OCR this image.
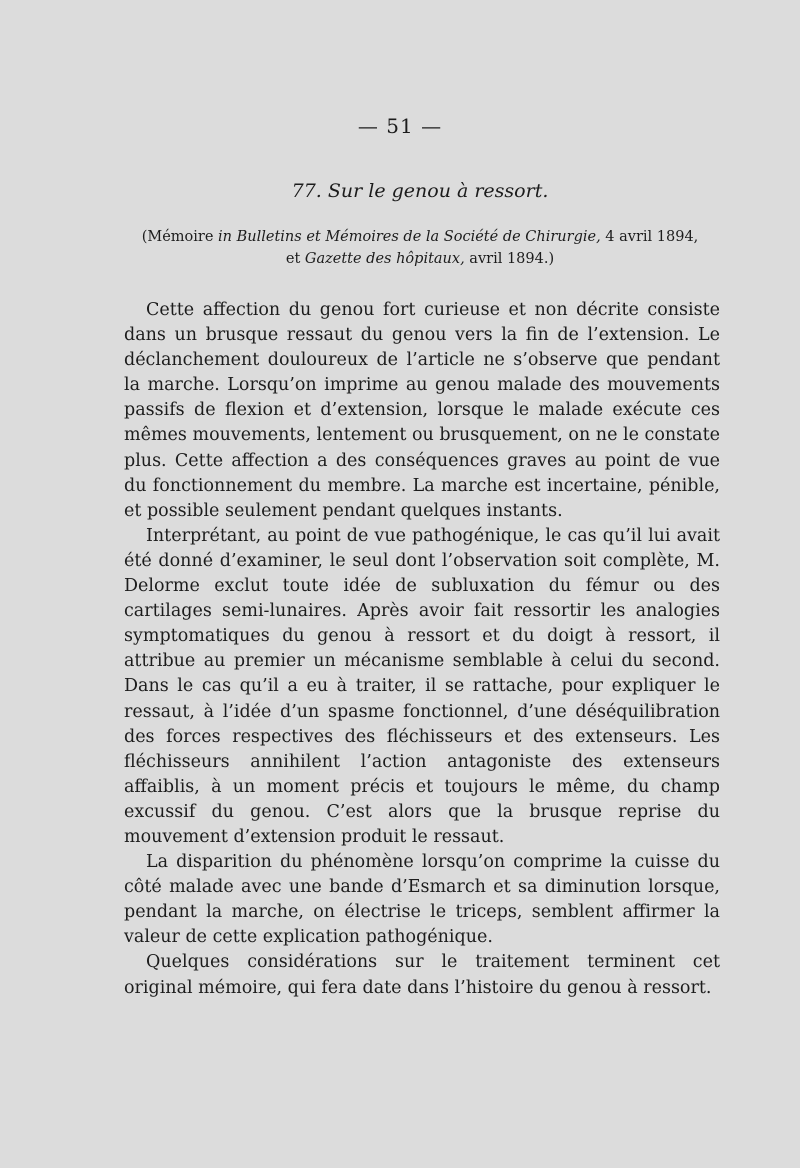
— 51 —
77. Sur le genou à ressort.
(Mémoire in Bulletins et Mémoires de la Société de Chirurgie, 4 avril 1894,
et Gazette des hôpitaux, avril 1894.)

Cette affection du genou fort curieuse et non décrite consiste dans un brusque ressaut du genou vers la fin de l’extension. Le déclanchement douloureux de l’article ne s’observe que pendant la marche. Lorsqu’on imprime au genou malade des mouvements passifs de flexion et d’extension, lorsque le malade exécute ces mêmes mouvements, lentement ou brusquement, on ne le constate plus. Cette affection a des conséquences graves au point de vue du fonctionnement du membre. La marche est incertaine, pénible, et possible seulement pendant quelques instants.

Interprétant, au point de vue pathogénique, le cas qu’il lui avait été donné d’examiner, le seul dont l’observation soit complète, M. Delorme exclut toute idée de subluxation du fémur ou des cartilages semi-lunaires. Après avoir fait ressortir les analogies symptomatiques du genou à ressort et du doigt à ressort, il attribue au premier un mécanisme semblable à celui du second. Dans le cas qu’il a eu à traiter, il se rattache, pour expliquer le ressaut, à l’idée d’un spasme fonctionnel, d’une déséquilibration des forces respectives des fléchisseurs et des extenseurs. Les fléchisseurs annihilent l’action antagoniste des extenseurs affaiblis, à un moment précis et toujours le même, du champ excussif du genou. C’est alors que la brusque reprise du mouvement d’extension produit le ressaut.

La disparition du phénomène lorsqu’on comprime la cuisse du côté malade avec une bande d’Esmarch et sa diminution lorsque, pendant la marche, on électrise le triceps, semblent affirmer la valeur de cette explication pathogénique.

Quelques considérations sur le traitement terminent cet original mémoire, qui fera date dans l’histoire du genou à ressort.
